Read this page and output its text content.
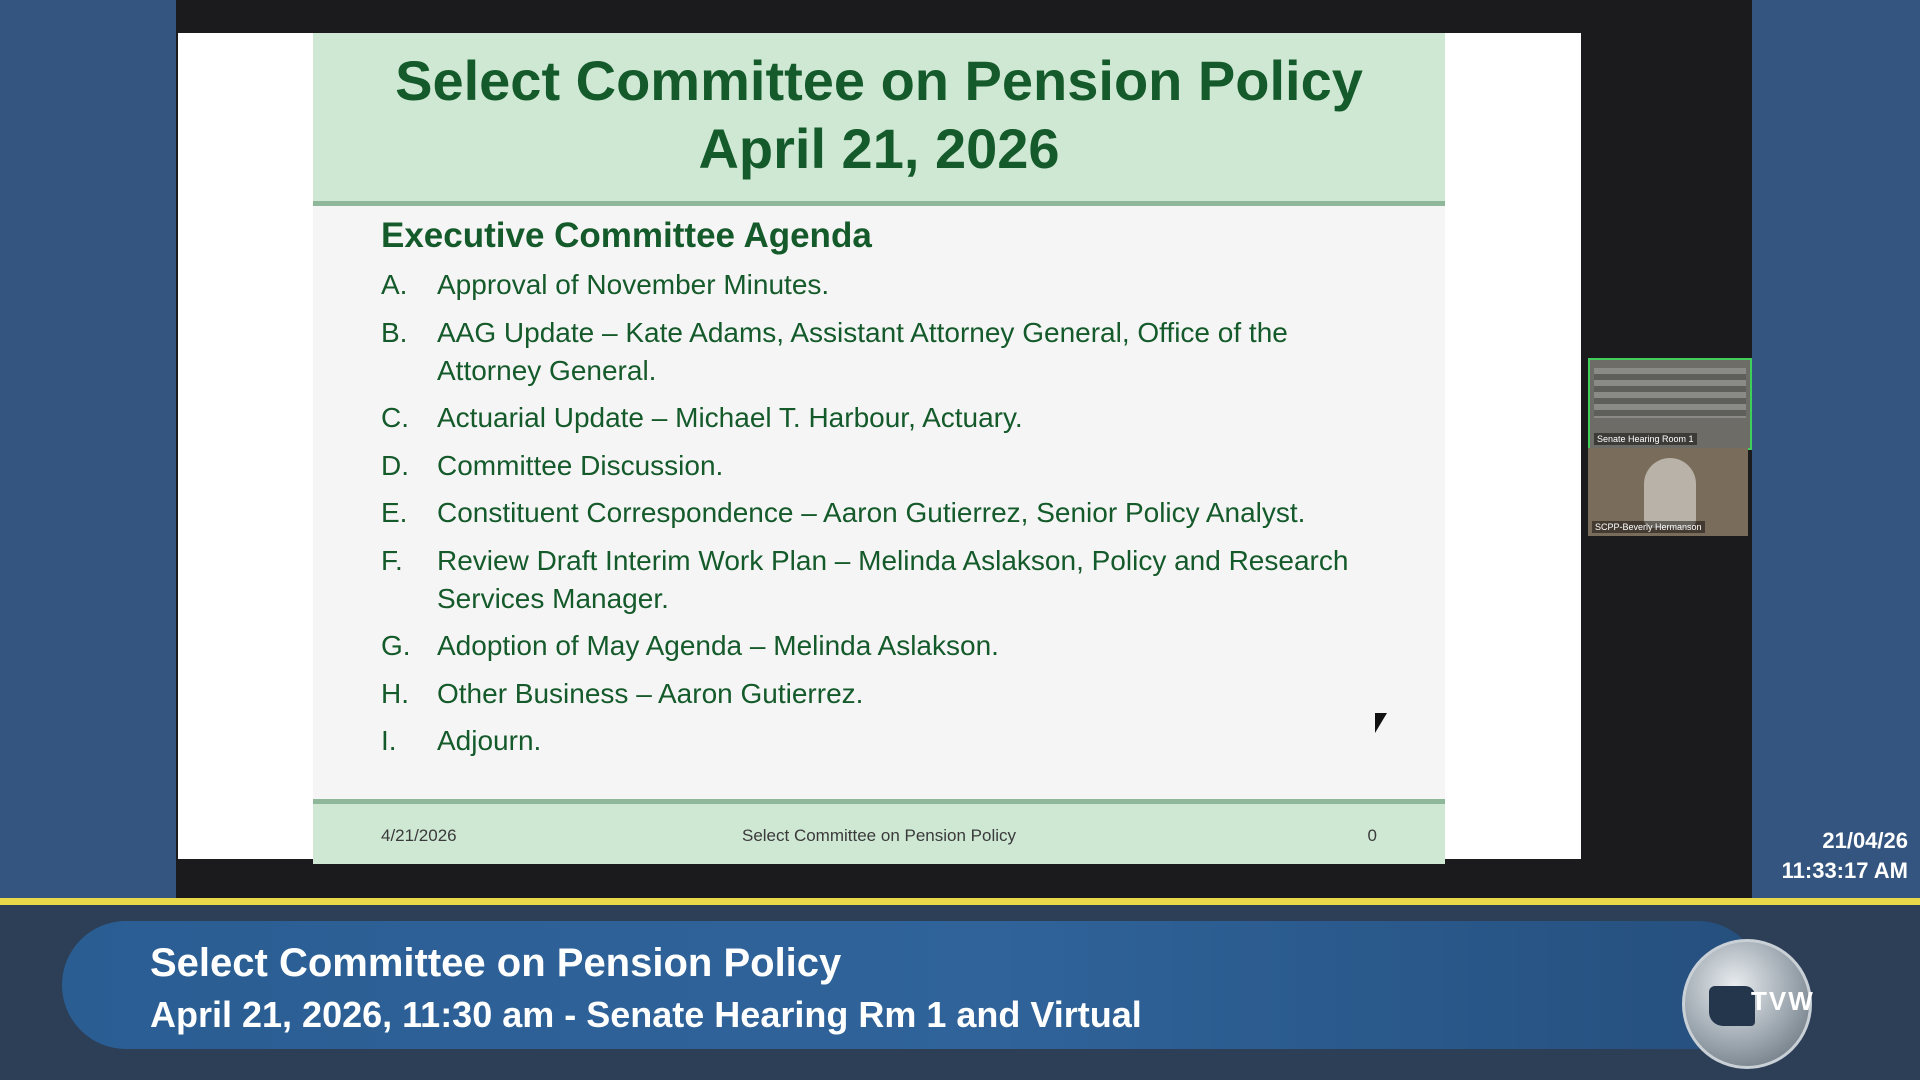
Select Committee on Pension Policy
April 21, 2026
Executive Committee Agenda
A.	Approval of November Minutes.
B.	AAG Update – Kate Adams, Assistant Attorney General, Office of the Attorney General.
C.	Actuarial Update – Michael T. Harbour, Actuary.
D.	Committee Discussion.
E.	Constituent Correspondence – Aaron Gutierrez, Senior Policy Analyst.
F.	Review Draft Interim Work Plan – Melinda Aslakson, Policy and Research Services Manager.
G. Adoption of May Agenda – Melinda Aslakson.
H.	Other Business – Aaron Gutierrez.
I.	Adjourn.
4/21/2026	Select Committee on Pension Policy	0
Senate Hearing Room 1
SCPP-Beverly Hermanson
21/04/26
11:33:17 AM
Select Committee on Pension Policy
April 21, 2026, 11:30 am - Senate Hearing Rm 1 and Virtual	TVW
